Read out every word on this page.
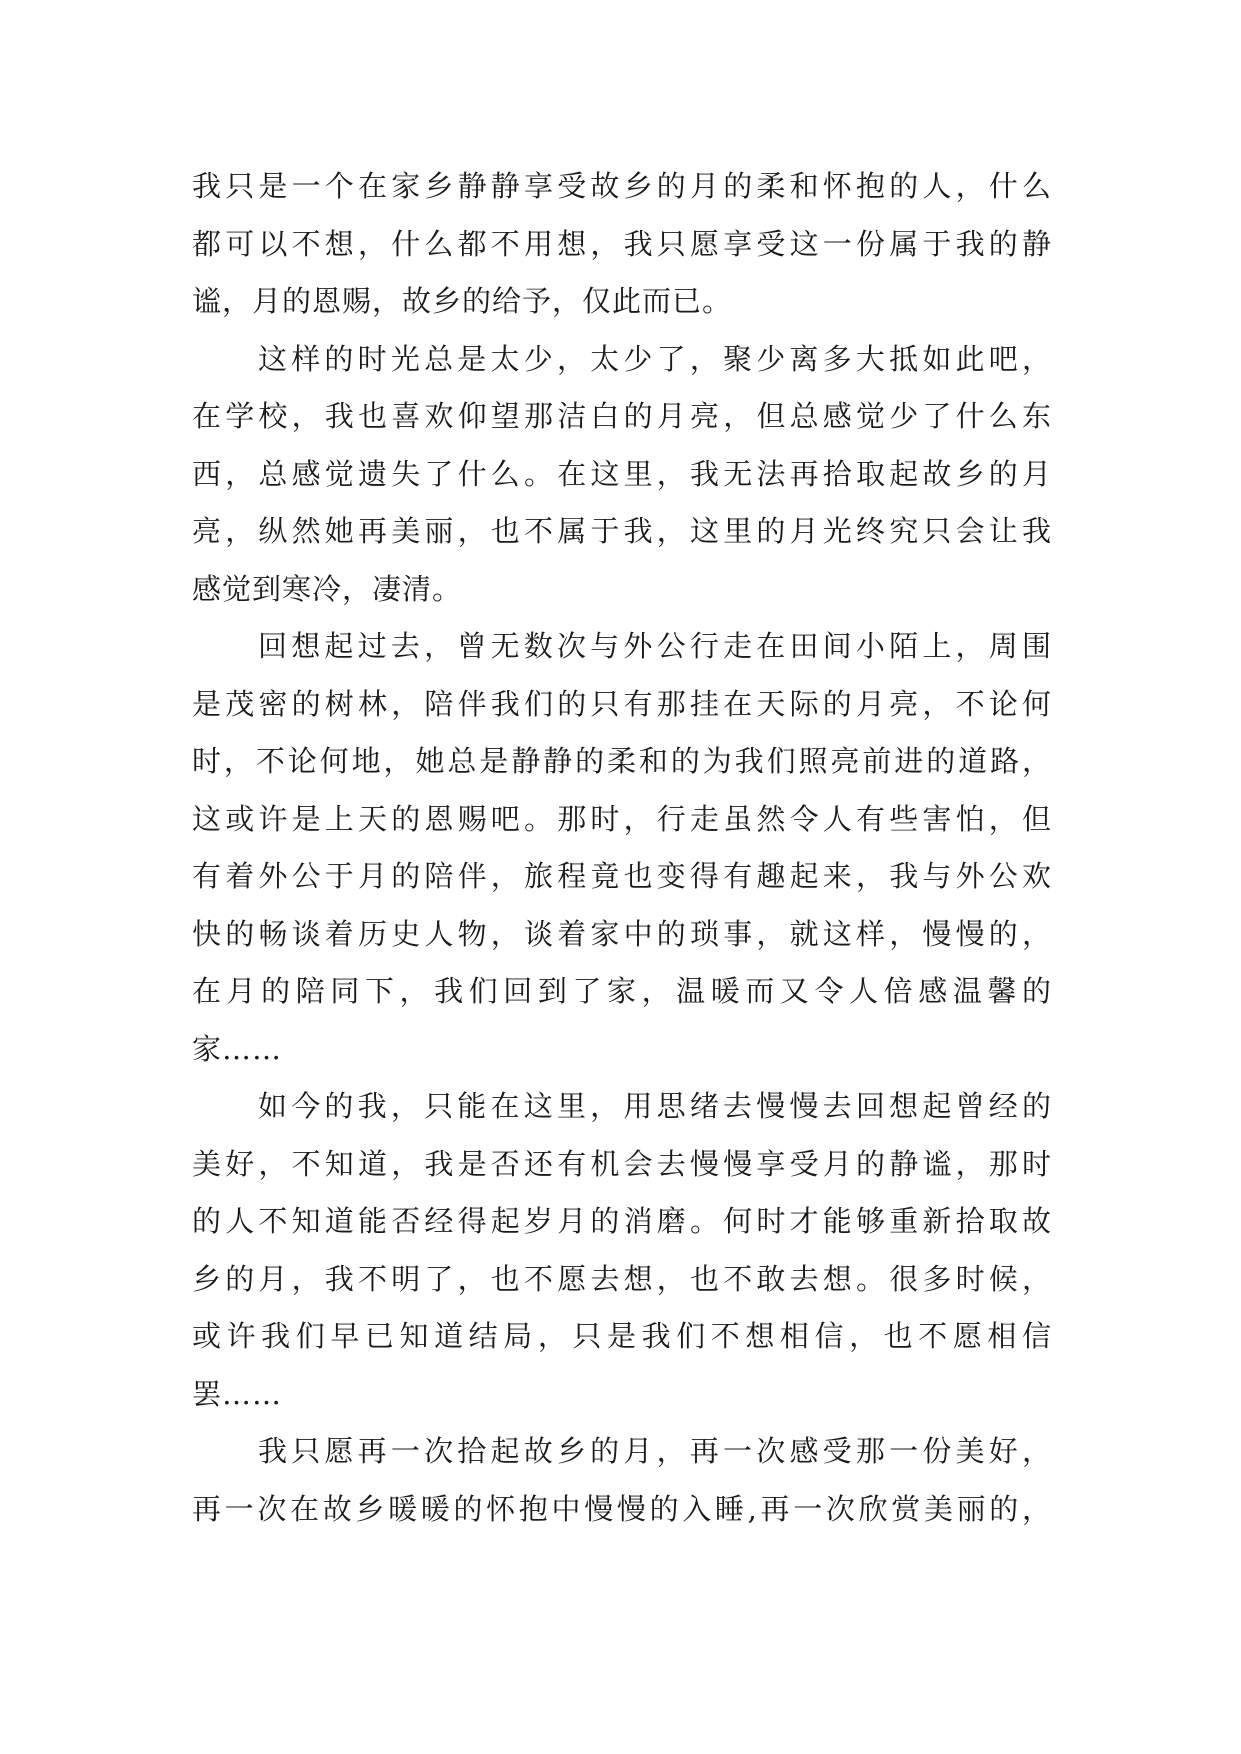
我只是一个在家乡静静享受故乡的月的柔和怀抱的人，什么
都可以不想，什么都不用想，我只愿享受这一份属于我的静
谧，月的恩赐，故乡的给予，仅此而已。
这样的时光总是太少，太少了，聚少离多大抵如此吧，
在学校，我也喜欢仰望那洁白的月亮，但总感觉少了什么东
西，总感觉遗失了什么。在这里，我无法再拾取起故乡的月
亮，纵然她再美丽，也不属于我，这里的月光终究只会让我
感觉到寒冷，凄清。
回想起过去，曾无数次与外公行走在田间小陌上，周围
是茂密的树林，陪伴我们的只有那挂在天际的月亮，不论何
时，不论何地，她总是静静的柔和的为我们照亮前进的道路，
这或许是上天的恩赐吧。那时，行走虽然令人有些害怕，但
有着外公于月的陪伴，旅程竟也变得有趣起来，我与外公欢
快的畅谈着历史人物，谈着家中的琐事，就这样，慢慢的，
在月的陪同下，我们回到了家，温暖而又令人倍感温馨的
家……
如今的我，只能在这里，用思绪去慢慢去回想起曾经的
美好，不知道，我是否还有机会去慢慢享受月的静谧，那时
的人不知道能否经得起岁月的消磨。何时才能够重新拾取故
乡的月，我不明了，也不愿去想，也不敢去想。很多时候，
或许我们早已知道结局，只是我们不想相信，也不愿相信
罢……
我只愿再一次拾起故乡的月，再一次感受那一份美好，
再一次在故乡暖暖的怀抱中慢慢的入睡,再一次欣赏美丽的，
